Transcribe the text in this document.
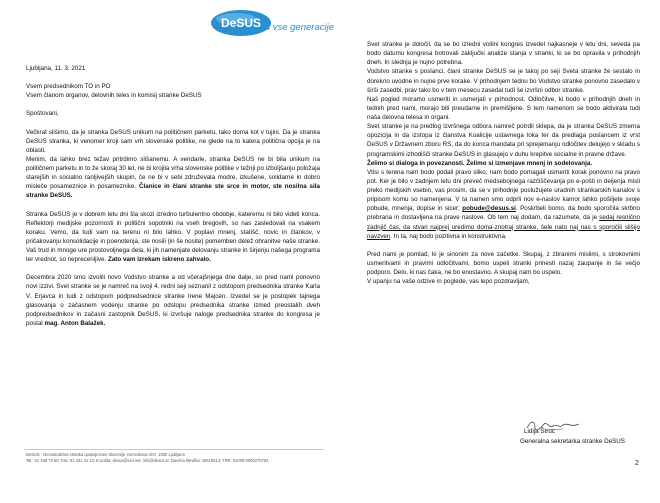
DeSUS
Za vse generacije

Ljubljana, 11. 3. 2021

Vsem predsednikom TO in PO

Vsem članom organov, delovnih teles in komisij stranke DeSUS

Spoštovani,

Večkrat slišimo, da je stranka DeSUS unikum na političnem parketu, tako doma kot v tujini. Da je stranka DeSUS stranka, ki venomer kroji sam vrh slovenske politike, ne glede na to katera politična opcija je na oblasti.

Menim, da lahko brez težav pritrdimo slišanemu. A vendarle, stranka DeSUS ne bi bila unikum na političnem parketu in to že skoraj 30 let, ne bi krojila vrha slovenske politike v težnji po izboljšanju položaja starejših in socialno ranljivejših skupin, če ne bi v sebi združevala modre, izkušene, solidarne in dobro misleče posameznice in posameznike. Članice in člani stranke ste srce in motor, ste nosilna sila stranke DeSUS.

Stranka DeSUS je v dobrem letu dni šla skozi izredno turbulentno obdobje, kateremu ni bilo videti konca. Reflektorji medijske pozornosti in politični sopotniki na vseh bregovih, so nas zasledovali na vsakem koraku. Vemo, da tudi vam na terenu ni bilo lahko. V poplavi mnenj, statišč, novic in člankov, v pričakovanju konsolidacije in poenotenja, ste nosili (in še nosite) pomemben delež ohranitve naše stranke. Vaš trud in mnoge ure prostovoljnega dela, ki jih namenjate delovanju stranke in širjenju našega programa ter vrednot, so neprecenljive. Zato vam izrekam iskreno zahvalo.

Decembra 2020 smo izvolili novo Vodstvo stranke a od včerajšnjega dne dalje, so pred nami ponovno novi izzivi. Svet stranke se je namreč na svoji 4. redni seji seznanil z odstopom predsednika stranke Karla V. Erjavca in tudi z odstopom podpredsednice stranke Irene Majcen. Izvedel se je postopek tajnega glasovanja o začasnem vodenju stranke po odstopu predsednika stranke izmed preostalih dveh podpredsednikov in začasni zastopnik DeSUS, ki izvršuje naloge predsednika stranke do kongresa je postal mag. Anton Balažek.

Svet stranke je določil, da se bo izredni volilni kongres izvedel najkasneje v letu dni, seveda pa bodo datumu kongresa botrovali zaključki analize stanja v stranki, ki se bo opravila v prihodnjih dneh. In slednja je nujno potrebna.

Vodstvo stranke s poslanci, člani stranke DeSUS se je takoj po seji Sveta stranke že sestalo in dorekло uvodne in nujne prve korake. V prihodnjem tednu bo Vodstvo stranke ponovno zasedalo v širši zasedbi, prav tako bo v tem mesecu zasedal tudi še izvršni odbor stranke.

Naš pogled moramo usmeriti in usmerjati v prihodnost. Odločitve, ki bodo v prihodnjih dneh in tednih pred nami, morajo biti preudarne in premišljene. S tem namenom se bodo aktivirala tudi naša delovna telesa in organi.

Svet stranke je na predlog Izvršnega odbora namreč potrdil sklepa, da je stranka DeSUS zmerna opozicija in da izstopa iz članstva Koalicije ustavnega loka ter da predlaga poslancem iz vrst DeSUS v Državnem zboru RS, da do konca mandata pri sprejemanju odločitev delujejo v skladu s programskimi izhodišči stranke DeSUS in glasujejo v duhu krepitve socialne in pravne države.

Želimo si dialoga in povezanosti. Želimo si izmenjave mnenj in sodelovanja.

Vtisi s terena nam bodo podali pravo sliko, nam bodo pomagali usmeriti korak ponovno na pravo pot. Ker je bilo v zadnjem letu dni preveč medsebojnega razčiščevanja po e-pošti in deljenja misli preko medijskih vsebin, vas prosim, da se v prihodnje poslužujete uradnih strankarskih kanalov s pripisom komu so namenjena. V ta namen smo odprli nov e-naslov kamor lahko pošiljete svoje pobude, mnenja, dopise in sicer; pobude@desus.si. Poskrbeli bomo, da bodo sporočila skrbno prebrana in dostavljena na prave naslove. Ob tem naj dodam, da razumete, da je sedaj resnično zadnjič čas, da stvari najprej uredimo doma-znotraj stranke, šele nato naj nas s sporočili slišijo navzven. In ta, naj bodo pozitivna in konstruktivna.

Pred nami je pomlad, ki je sinonim za nove začetke. Skupaj, z zbranimi mislimi, s strokovnimi usmeritvami in pravimi odločitvami, bomo uspeli stranki prinesti nazaj zaupanje in še večjo podporo. Delo, ki nas čaka, ne bo enostavno. A skupaj nam bo uspelo.

V upanju na vaše odzive in poglede, vas lepo pozdravljam,

Lidija Štruc
Generalna sekretarka stranke DeSUS
DeSUS - Demokratična stranka upokojencev Slovenije, Kersnikova 4/VI, 1000 Ljubljana
Tel.: 01 439 73 50; Fax: 01 431 41 13; E-pošta: desus@siol.net; info@desus.si; Davčna številka: 45515514; TRR: 61000-0000270702	2
